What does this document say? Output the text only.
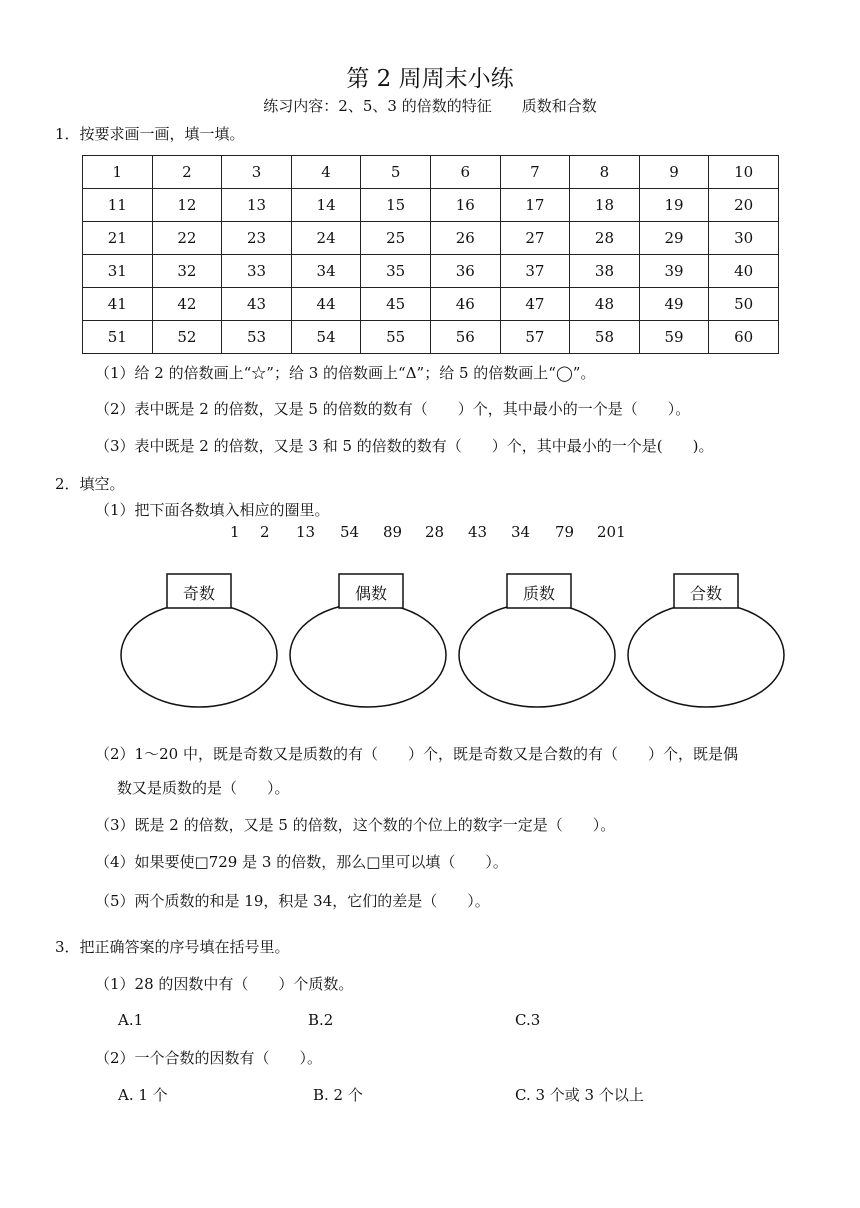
第 2 周周末小练
练习内容：2、5、3 的倍数的特征　　质数和合数
1．按要求画一画，填一填。
1	2	3	4	5	6	7	8	9	10
11	12	13	14	15	16	17	18	19	20
21	22	23	24	25	26	27	28	29	30
31	32	33	34	35	36	37	38	39	40
41	42	43	44	45	46	47	48	49	50
51	52	53	54	55	56	57	58	59	60
（1）给 2 的倍数画上“☆”；给 3 的倍数画上“Δ”；给 5 的倍数画上“◯”。
（2）表中既是 2 的倍数，又是 5 的倍数的数有（　　）个，其中最小的一个是（　　）。
（3）表中既是 2 的倍数，又是 3 和 5 的倍数的数有（　　）个，其中最小的一个是(　　)。
2．填空。
（1）把下面各数填入相应的圈里。
1 2 13 54 89 28 43 34 79 201
奇数	偶数	质数	合数
（2）1～20 中，既是奇数又是质数的有（　　）个，既是奇数又是合数的有（　　）个，既是偶
数又是质数的是（　　）。
（3）既是 2 的倍数，又是 5 的倍数，这个数的个位上的数字一定是（　　）。
（4）如果要使□729 是 3 的倍数，那么□里可以填（　　）。
（5）两个质数的和是 19，积是 34，它们的差是（　　）。
3．把正确答案的序号填在括号里。
（1）28 的因数中有（　　）个质数。
A.1	B.2	C.3
（2）一个合数的因数有（　　）。
A. 1 个	B. 2 个	C. 3 个或 3 个以上
